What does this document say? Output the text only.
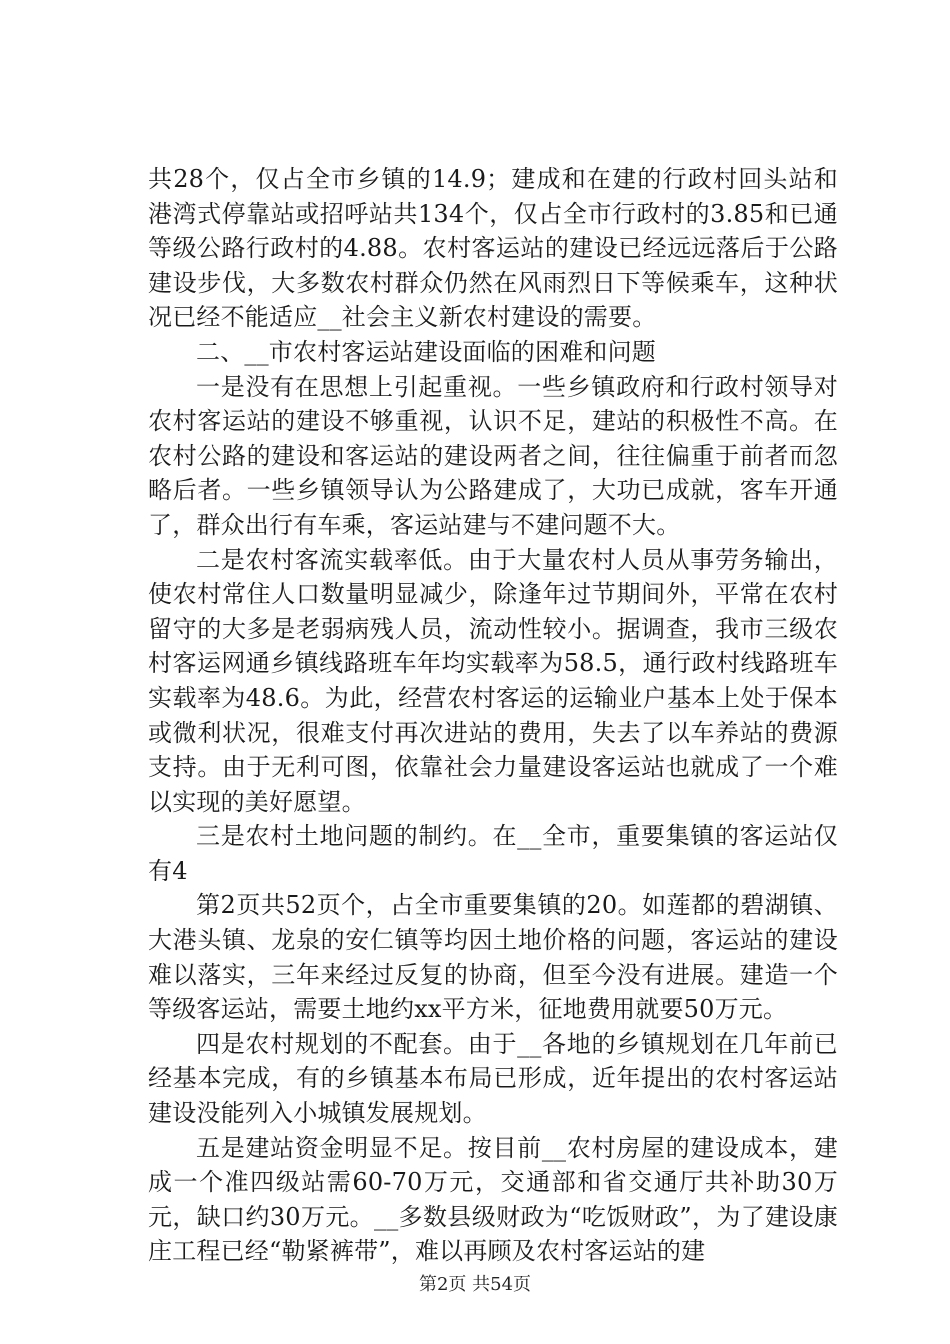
共28个，仅占全市乡镇的14.9；建成和在建的行政村回头站和港湾式停靠站或招呼站共134个，仅占全市行政村的3.85和已通等级公路行政村的4.88。农村客运站的建设已经远远落后于公路建设步伐，大多数农村群众仍然在风雨烈日下等候乘车，这种状况已经不能适应__社会主义新农村建设的需要。

二、__市农村客运站建设面临的困难和问题

一是没有在思想上引起重视。一些乡镇政府和行政村领导对农村客运站的建设不够重视，认识不足，建站的积极性不高。在农村公路的建设和客运站的建设两者之间，往往偏重于前者而忽略后者。一些乡镇领导认为公路建成了，大功已成就，客车开通了，群众出行有车乘，客运站建与不建问题不大。

二是农村客流实载率低。由于大量农村人员从事劳务输出，使农村常住人口数量明显减少，除逢年过节期间外，平常在农村留守的大多是老弱病残人员，流动性较小。据调查，我市三级农村客运网通乡镇线路班车年均实载率为58.5，通行政村线路班车实载率为48.6。为此，经营农村客运的运输业户基本上处于保本或微利状况，很难支付再次进站的费用，失去了以车养站的费源支持。由于无利可图，依靠社会力量建设客运站也就成了一个难以实现的美好愿望。

三是农村土地问题的制约。在__全市，重要集镇的客运站仅有4

第2页共52页个，占全市重要集镇的20。如莲都的碧湖镇、大港头镇、龙泉的安仁镇等均因土地价格的问题，客运站的建设难以落实，三年来经过反复的协商，但至今没有进展。建造一个等级客运站，需要土地约xx平方米，征地费用就要50万元。

四是农村规划的不配套。由于__各地的乡镇规划在几年前已经基本完成，有的乡镇基本布局已形成，近年提出的农村客运站建设没能列入小城镇发展规划。

五是建站资金明显不足。按目前__农村房屋的建设成本，建成一个准四级站需60-70万元，交通部和省交通厅共补助30万元，缺口约30万元。__多数县级财政为“吃饭财政”，为了建设康庄工程已经“勒紧裤带”，难以再顾及农村客运站的建

第2页 共54页
